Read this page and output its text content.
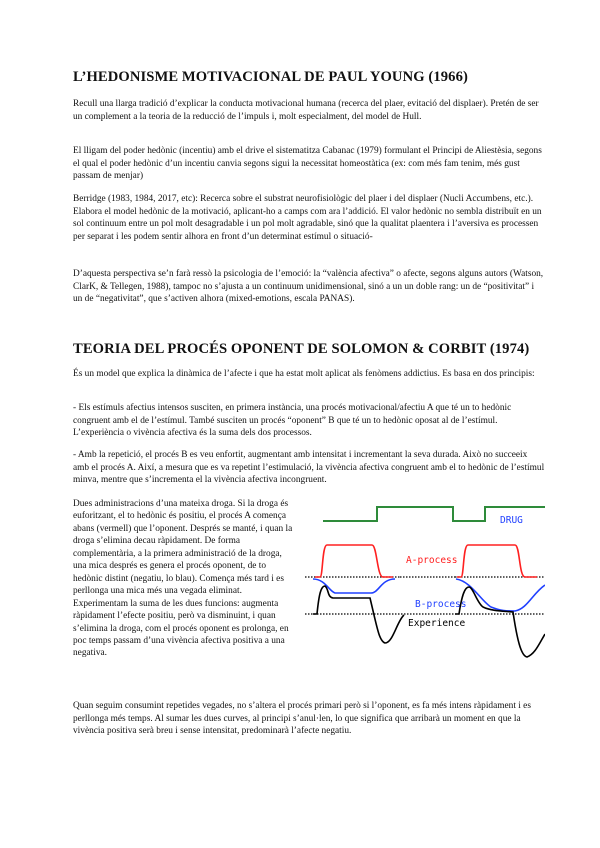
L’HEDONISME MOTIVACIONAL DE PAUL YOUNG (1966)

Recull una llarga tradició d’explicar la conducta motivacional humana (recerca del plaer, evitació del displaer). Pretén de ser un complement a la teoria de la reducció de l’impuls i, molt especialment, del model de Hull.

El lligam del poder hedònic (incentiu) amb el drive el sistematitza Cabanac (1979) formulant el Principi de Aliestèsia, segons el qual el poder hedònic d’un incentiu canvia segons sigui la necessitat homeostàtica (ex: com més fam tenim, més gust passam de menjar)

Berridge (1983, 1984, 2017, etc): Recerca sobre el substrat neurofisiològic del plaer i del displaer (Nucli Accumbens, etc.). Elabora el model hedònic de la motivació, aplicant-ho a camps com ara l’addició. El valor hedònic no sembla distribuït en un sol continuum entre un pol molt desagradable i un pol molt agradable, sinó que la qualitat plaentera i l’aversiva es processen per separat i les podem sentir alhora en front d’un determinat estímul o situació-

D’aquesta perspectiva se’n farà ressò la psicologia de l’emoció: la “valència afectiva” o afecte, segons alguns autors (Watson, ClarK, & Tellegen, 1988), tampoc no s’ajusta a un continuum unidimensional, sinó a un un doble rang: un de “positivitat” i un de “negativitat”, que s’activen alhora (mixed-emotions, escala PANAS).

TEORIA DEL PROCÉS OPONENT DE SOLOMON & CORBIT (1974)

És un model que explica la dinàmica de l’afecte i que ha estat molt aplicat als fenòmens addictius. Es basa en dos principis:

- Els estímuls afectius intensos susciten, en primera instància, una procés motivacional/afectiu A que té un to hedònic congruent amb el de l’estímul. També susciten un procés “oponent” B que té un to hedònic oposat al de l’estímul. L’experiència o vivència afectiva és la suma dels dos processos.

- Amb la repetició, el procés B es veu enfortit, augmentant amb intensitat i incrementant la seva durada. Això no succeeix amb el procés A. Així, a mesura que es va repetint l’estimulació, la vivència afectiva congruent amb el to hedònic de l’estímul minva, mentre que s’incrementa el la vivència afectiva incongruent.

Dues administracions d’una mateixa droga. Si la droga és euforitzant, el to hedònic és positiu, el procés A comença abans (vermell) que l’oponent. Després se manté, i quan la droga s’elimina decau ràpidament. De forma complementària, a la primera administració de la droga, una mica després es genera el procés oponent, de to hedònic distint (negatiu, lo blau). Comença més tard i es perllonga una mica més una vegada eliminat. Experimentam la suma de les dues funcions: augmenta ràpidament l’efecte positiu, però va disminuint, i quan s’elimina la droga, com el procés oponent es prolonga, en poc temps passam d’una vivència afectiva positiva a una negativa.

DRUG
A-process
B-process
Experience

Quan seguim consumint repetides vegades, no s’altera el procés primari però si l’oponent, es fa més intens ràpidament i es perllonga més temps. Al sumar les dues curves, al principi s’anul·len, lo que significa que arribarà un moment en que la vivència positiva serà breu i sense intensitat, predominarà l’afecte negatiu.
